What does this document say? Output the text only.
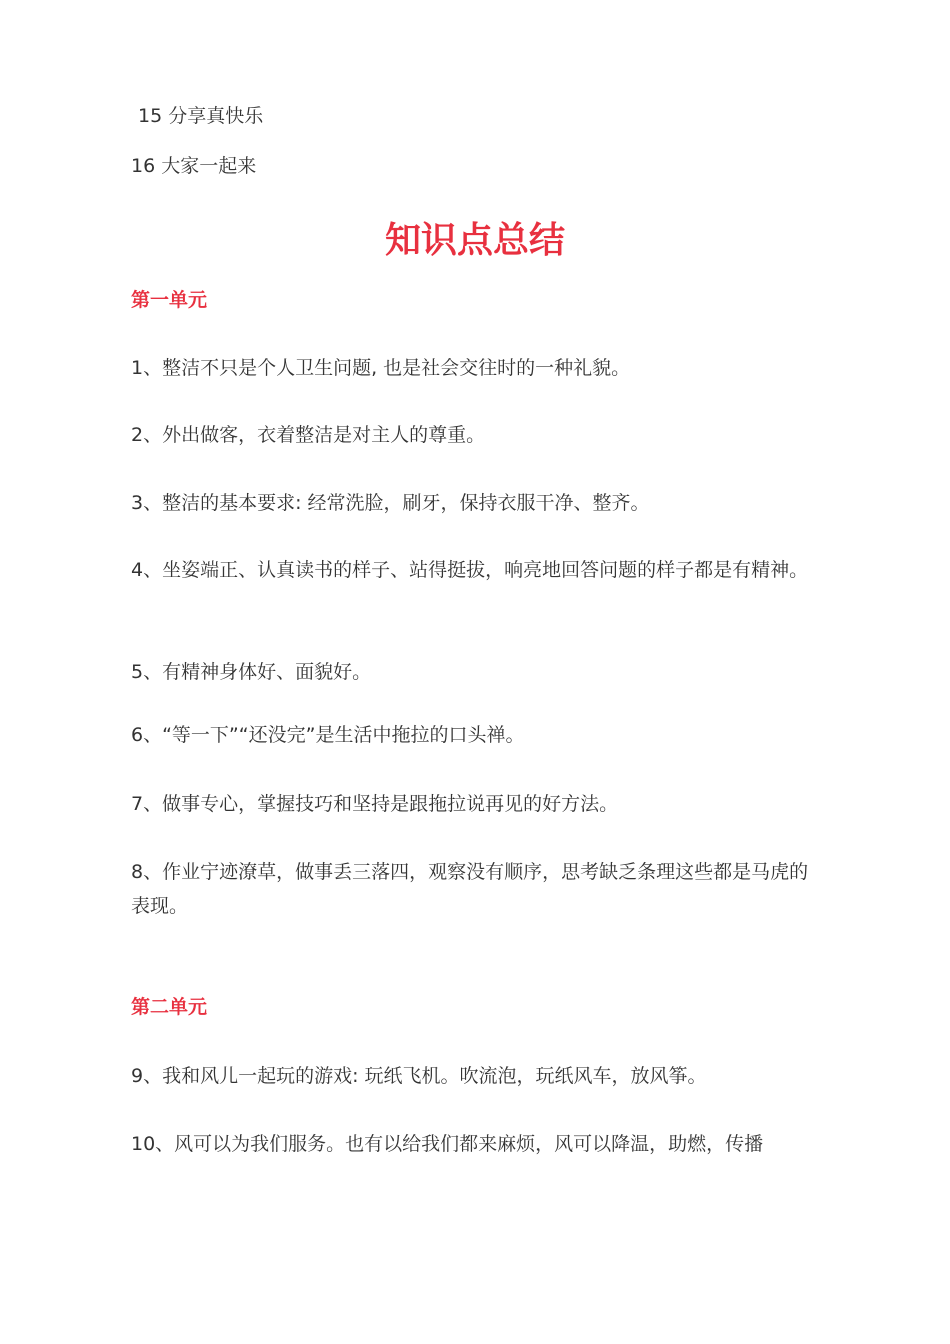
15 分享真快乐
16 大家一起来
知识点总结
第一单元
1、整洁不只是个人卫生问题, 也是社会交往时的一种礼貌。
2、外出做客，衣着整洁是对主人的尊重。
3、整洁的基本要求: 经常洗脸，刷牙，保持衣服干净、整齐。
4、坐姿端正、认真读书的样子、站得挺拔，响亮地回答问题的样子都是有精神。
5、有精神身体好、面貌好。
6、“等一下”“还没完”是生活中拖拉的口头禅。
7、做事专心，掌握技巧和坚持是跟拖拉说再见的好方法。
8、作业宁迹潦草，做事丢三落四，观察没有顺序，思考缺乏条理这些都是马虎的表现。
第二单元
9、我和风儿一起玩的游戏: 玩纸飞机。吹流泡，玩纸风车，放风筝。
10、风可以为我们服务。也有以给我们都来麻烦，风可以降温，助燃，传播
